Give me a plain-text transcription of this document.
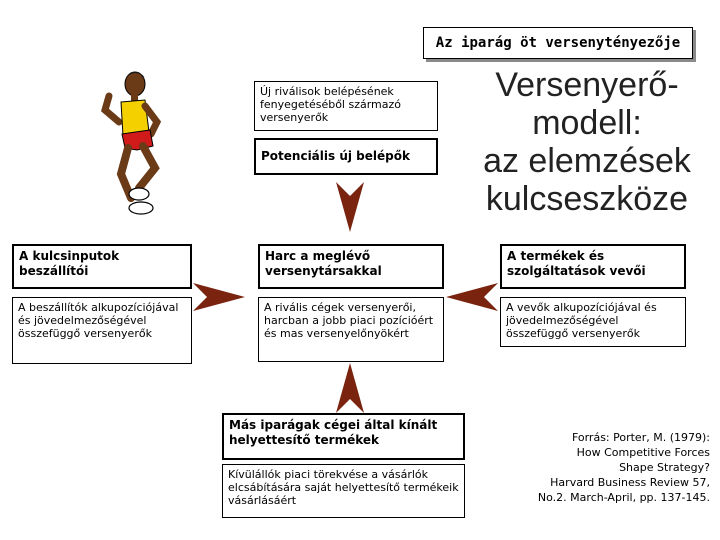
Az iparág öt versenytényezője
Versenyerő-
modell:
az elemzések
kulcseszköze
Új riválisok belépésének fenyegetéséből származó versenyerők
Potenciális új belépők
A kulcsinputok beszállítói
A beszállítók alkupozíciójával és jövedelmezőségével összefüggő versenyerők
Harc a meglévő versenytársakkal
A rivális cégek versenyerői, harcban a jobb piaci pozícióért és mas versenyelőnyökért
A termékek és szolgáltatások vevői
A vevők alkupozíciójával és jövedelmezőségével összefüggő versenyerők
Más iparágak cégei által kínált helyettesítő termékek
Kívülállók piaci törekvése a vásárlók elcsábítására saját helyettesítő termékeik vásárlásáért
Forrás: Porter, M. (1979):
How Competitive Forces
Shape Strategy?
Harvard Business Review 57,
No.2. March-April, pp. 137-145.
